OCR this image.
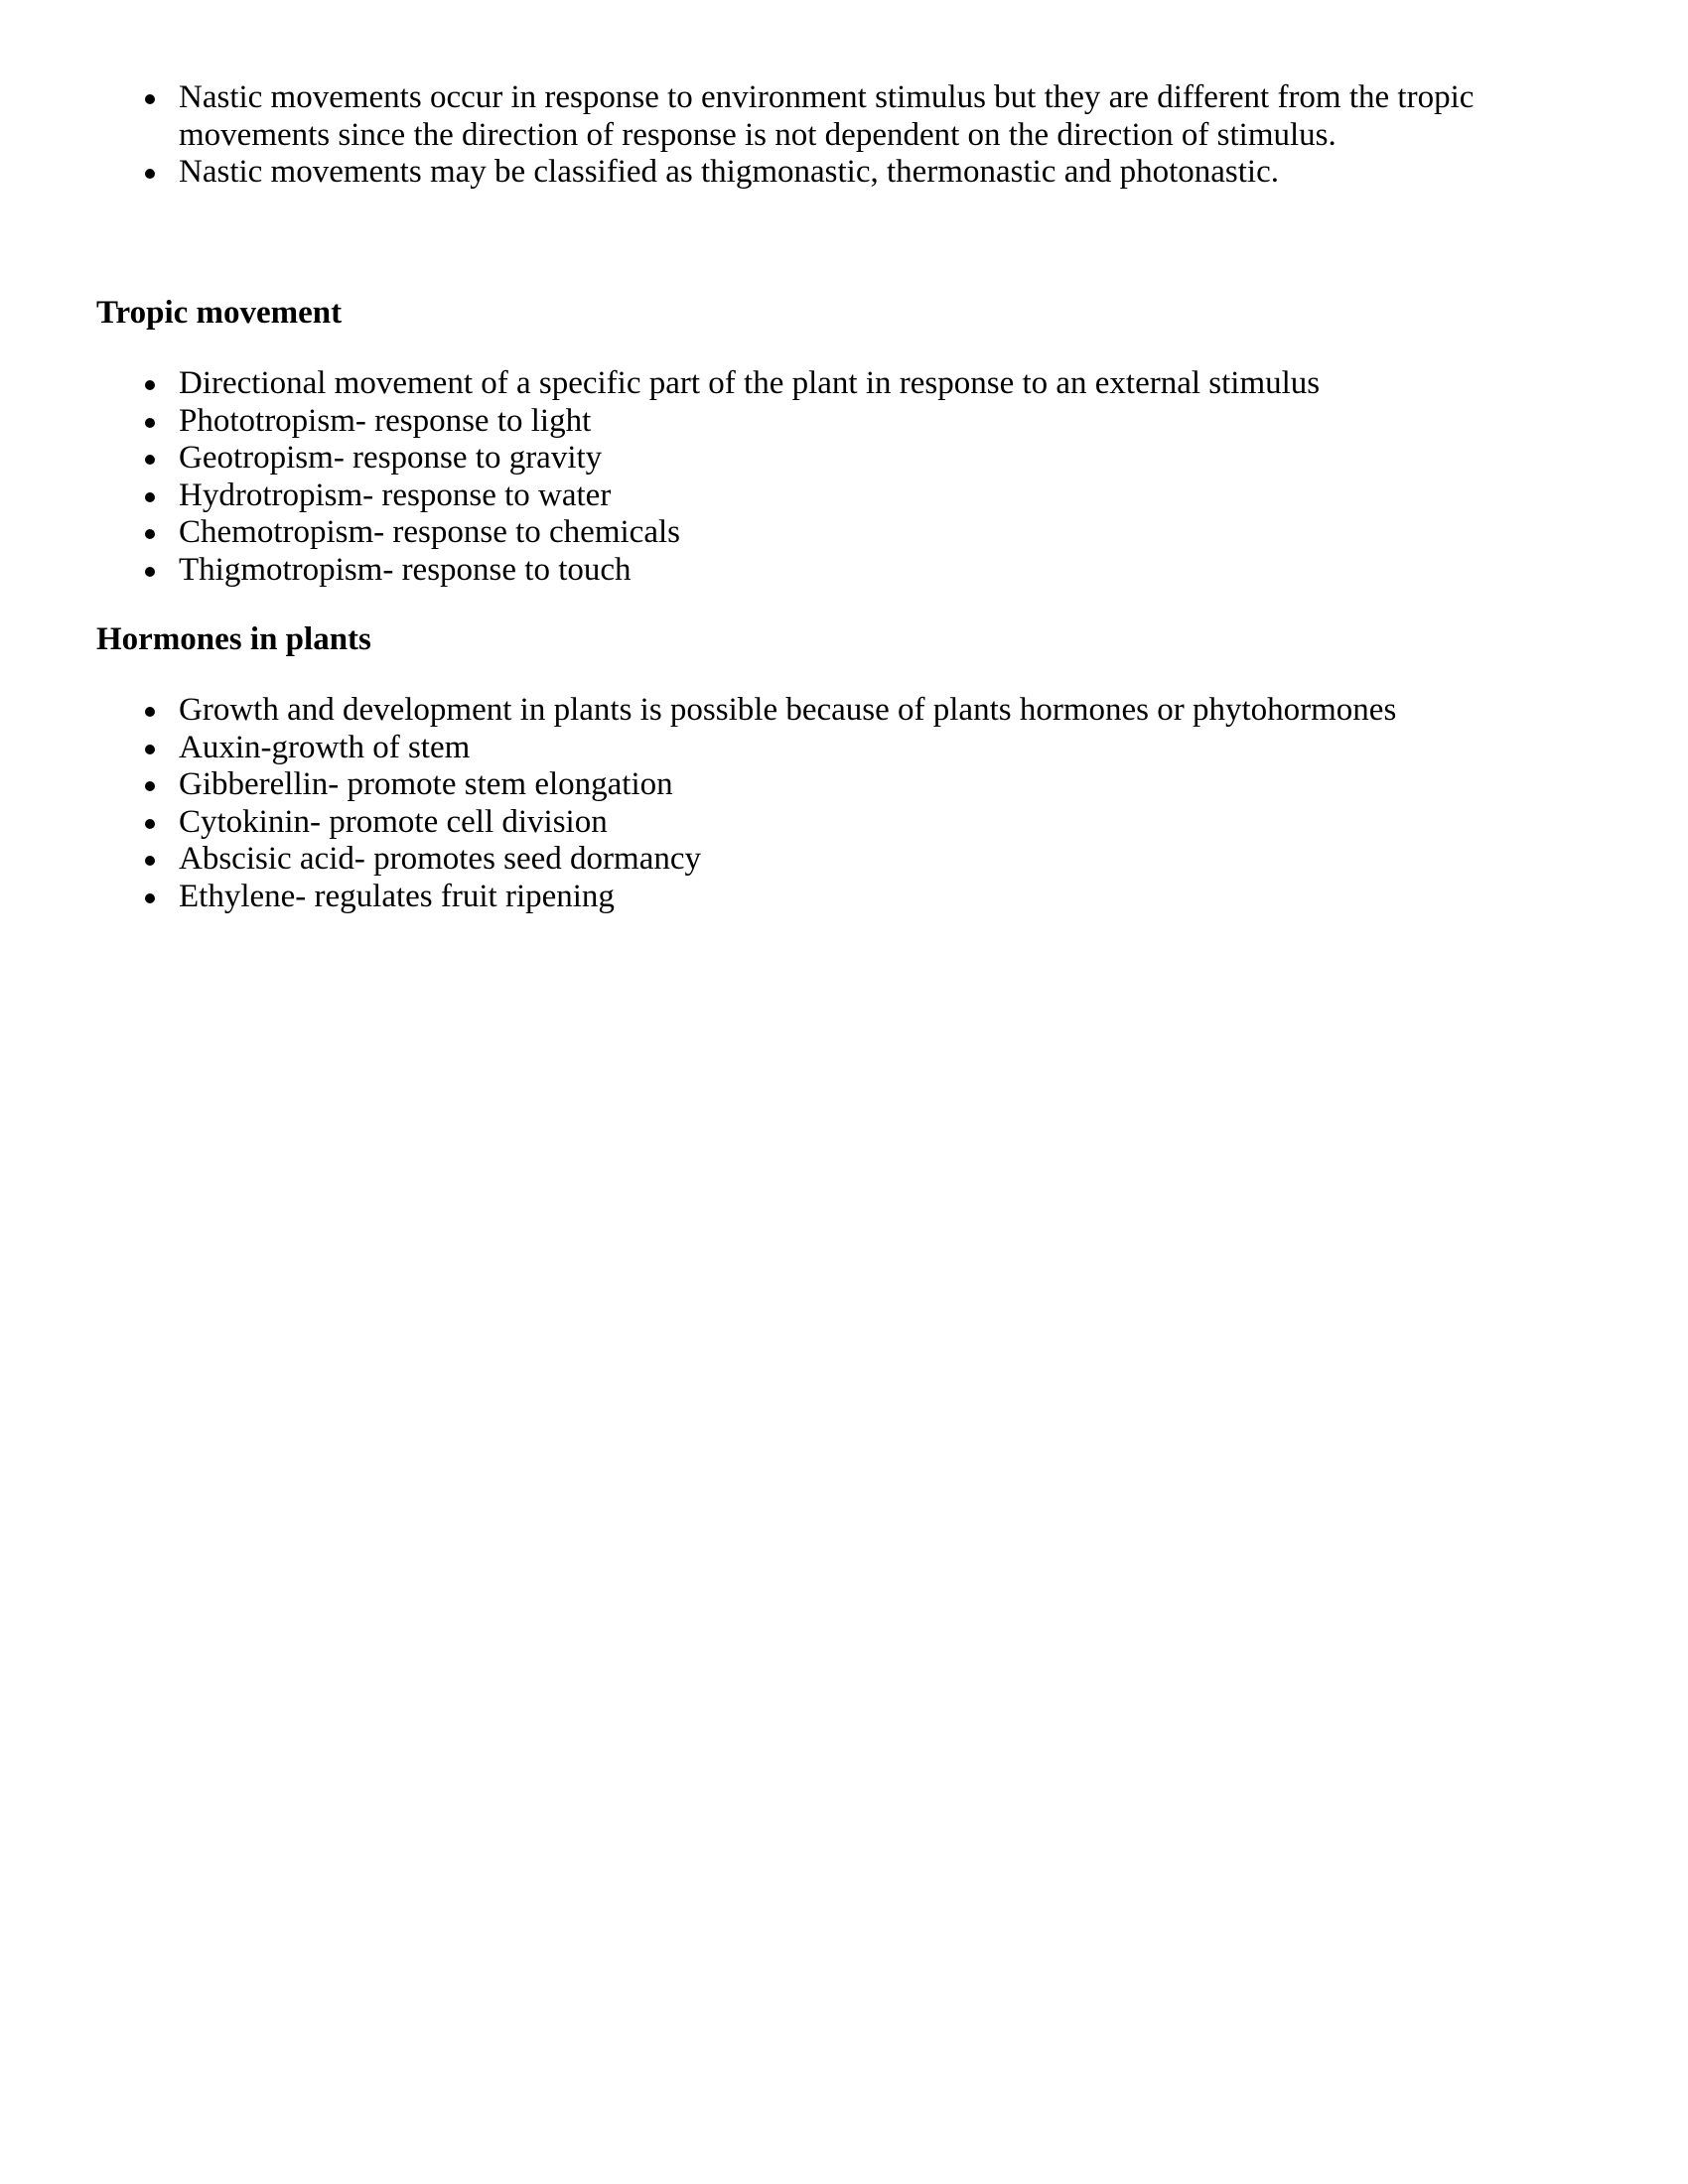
Nastic movements occur in response to environment stimulus but they are different from the tropic movements since the direction of response is not dependent on the direction of stimulus.
Nastic movements may be classified as thigmonastic, thermonastic and photonastic.
Tropic movement
Directional movement of a specific part of the plant in response to an external stimulus
Phototropism- response to light
Geotropism- response to gravity
Hydrotropism- response to water
Chemotropism- response to chemicals
Thigmotropism- response to touch
Hormones in plants
Growth and development in plants is possible because of plants hormones or phytohormones
Auxin-growth of stem
Gibberellin- promote stem elongation
Cytokinin- promote cell division
Abscisic acid- promotes seed dormancy
Ethylene- regulates fruit ripening
